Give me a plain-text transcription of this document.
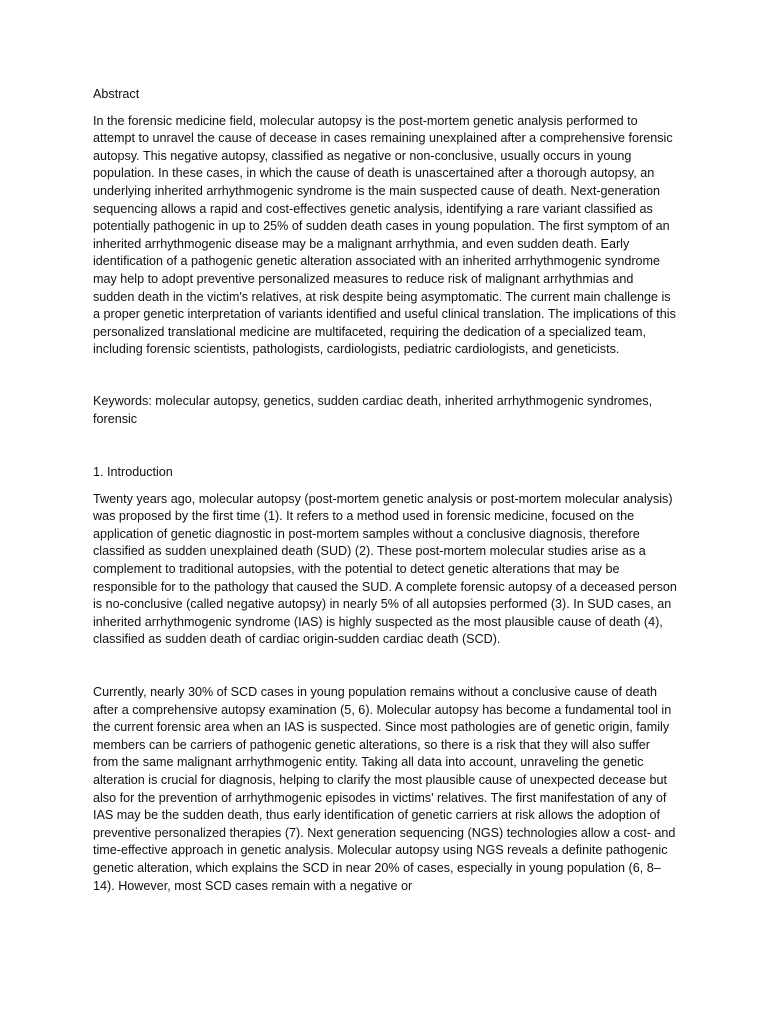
Abstract

In the forensic medicine field, molecular autopsy is the post-mortem genetic analysis performed to attempt to unravel the cause of decease in cases remaining unexplained after a comprehensive forensic autopsy. This negative autopsy, classified as negative or non-conclusive, usually occurs in young population. In these cases, in which the cause of death is unascertained after a thorough autopsy, an underlying inherited arrhythmogenic syndrome is the main suspected cause of death. Next-generation sequencing allows a rapid and cost-effectives genetic analysis, identifying a rare variant classified as potentially pathogenic in up to 25% of sudden death cases in young population. The first symptom of an inherited arrhythmogenic disease may be a malignant arrhythmia, and even sudden death. Early identification of a pathogenic genetic alteration associated with an inherited arrhythmogenic syndrome may help to adopt preventive personalized measures to reduce risk of malignant arrhythmias and sudden death in the victim's relatives, at risk despite being asymptomatic. The current main challenge is a proper genetic interpretation of variants identified and useful clinical translation. The implications of this personalized translational medicine are multifaceted, requiring the dedication of a specialized team, including forensic scientists, pathologists, cardiologists, pediatric cardiologists, and geneticists.

Keywords: molecular autopsy, genetics, sudden cardiac death, inherited arrhythmogenic syndromes, forensic

1. Introduction

Twenty years ago, molecular autopsy (post-mortem genetic analysis or post-mortem molecular analysis) was proposed by the first time (1). It refers to a method used in forensic medicine, focused on the application of genetic diagnostic in post-mortem samples without a conclusive diagnosis, therefore classified as sudden unexplained death (SUD) (2). These post-mortem molecular studies arise as a complement to traditional autopsies, with the potential to detect genetic alterations that may be responsible for to the pathology that caused the SUD. A complete forensic autopsy of a deceased person is no-conclusive (called negative autopsy) in nearly 5% of all autopsies performed (3). In SUD cases, an inherited arrhythmogenic syndrome (IAS) is highly suspected as the most plausible cause of death (4), classified as sudden death of cardiac origin-sudden cardiac death (SCD).

Currently, nearly 30% of SCD cases in young population remains without a conclusive cause of death after a comprehensive autopsy examination (5, 6). Molecular autopsy has become a fundamental tool in the current forensic area when an IAS is suspected. Since most pathologies are of genetic origin, family members can be carriers of pathogenic genetic alterations, so there is a risk that they will also suffer from the same malignant arrhythmogenic entity. Taking all data into account, unraveling the genetic alteration is crucial for diagnosis, helping to clarify the most plausible cause of unexpected decease but also for the prevention of arrhythmogenic episodes in victims' relatives. The first manifestation of any of IAS may be the sudden death, thus early identification of genetic carriers at risk allows the adoption of preventive personalized therapies (7). Next generation sequencing (NGS) technologies allow a cost- and time-effective approach in genetic analysis. Molecular autopsy using NGS reveals a definite pathogenic genetic alteration, which explains the SCD in near 20% of cases, especially in young population (6, 8–14). However, most SCD cases remain with a negative or
